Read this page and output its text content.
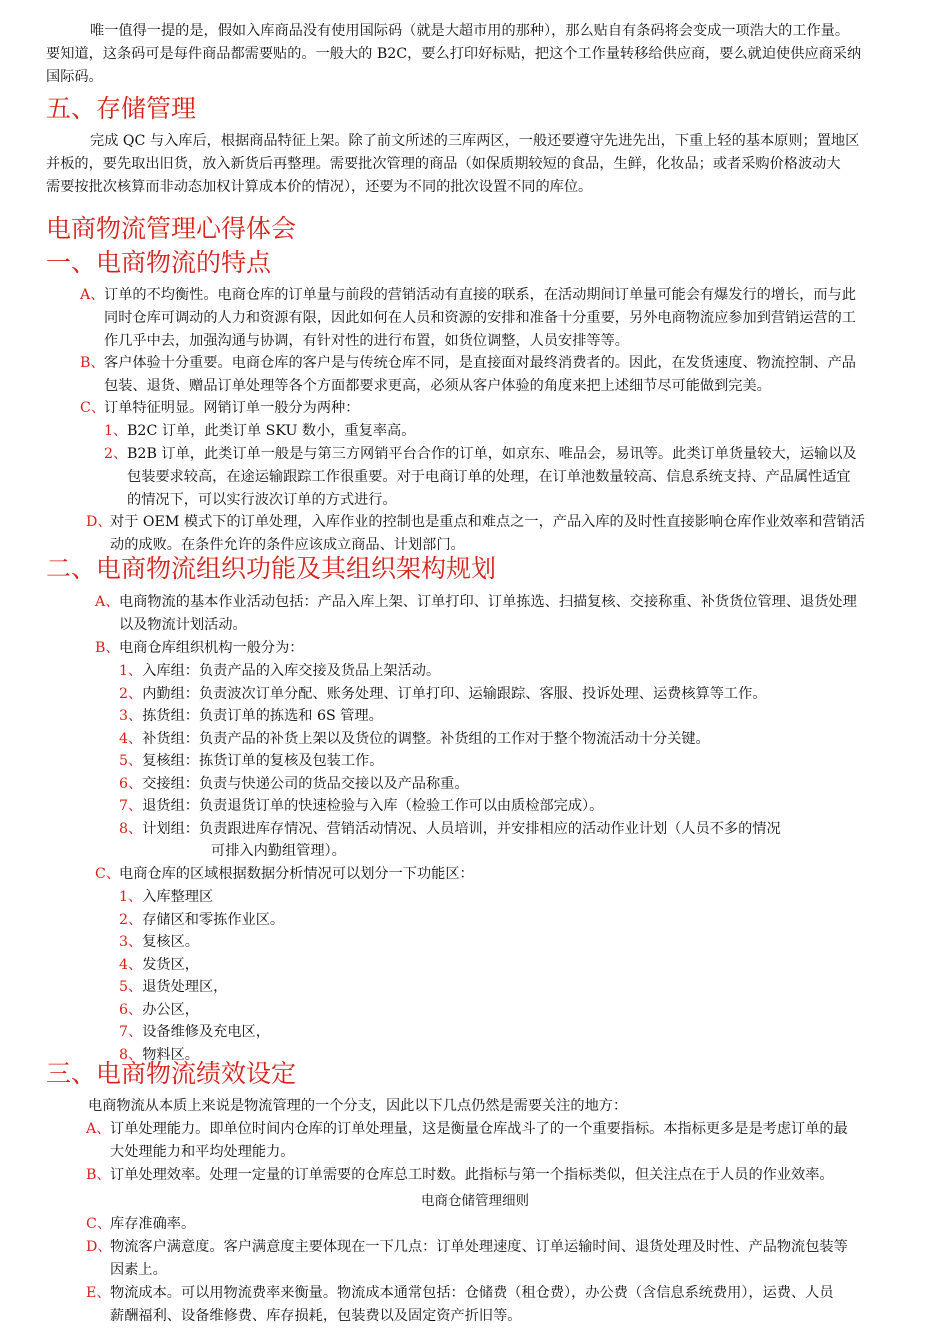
唯一值得一提的是，假如入库商品没有使用国际码（就是大超市用的那种），那么贴自有条码将会变成一项浩大的工作量。

要知道，这条码可是每件商品都需要贴的。一般大的 B2C，要么打印好标贴，把这个工作量转移给供应商，要么就迫使供应商采纳

国际码。

五、存储管理

完成 QC 与入库后，根据商品特征上架。除了前文所述的三库两区，一般还要遵守先进先出，下重上轻的基本原则；置地区

并板的，要先取出旧货，放入新货后再整理。需要批次管理的商品（如保质期较短的食品，生鲜，化妆品；或者采购价格波动大

需要按批次核算而非动态加权计算成本价的情况），还要为不同的批次设置不同的库位。

电商物流管理心得体会
一、电商物流的特点
A、 订单的不均衡性。电商仓库的订单量与前段的营销活动有直接的联系，在活动期间订单量可能会有爆发行的增长，而与此

同时仓库可调动的人力和资源有限，因此如何在人员和资源的安排和准备十分重要，另外电商物流应参加到营销运营的工

作几乎中去，加强沟通与协调，有针对性的进行布置，如货位调整，人员安排等等。

B、 客户体验十分重要。电商仓库的客户是与传统仓库不同，是直接面对最终消费者的。因此，在发货速度、物流控制、产品

包装、退货、赠品订单处理等各个方面都要求更高，必须从客户体验的角度来把上述细节尽可能做到完美。

C、

订单特征明显。网销订单一般分为两种：

1、 B2C 订单，此类订单 SKU 数小，重复率高。

2、 B2B 订单，此类订单一般是与第三方网销平台合作的订单，如京东、唯品会，易讯等。此类订单货量较大，运输以及

包装要求较高，在途运输跟踪工作很重要。对于电商订单的处理，在订单池数量较高、信息系统支持、产品属性适宜

的情况下，可以实行波次订单的方式进行。

D、

对于 OEM 模式下的订单处理，入库作业的控制也是重点和难点之一，产品入库的及时性直接影响仓库作业效率和营销活

动的成败。在条件允许的条件应该成立商品、计划部门。

二、电商物流组织功能及其组织架构规划
A、 电商物流的基本作业活动包括：产品入库上架、订单打印、订单拣选、扫描复核、交接称重、补货货位管理、退货处理

以及物流计划活动。

B、 电商仓库组织机构一般分为：

1、入库组：负责产品的入库交接及货品上架活动。
2、内勤组：负责波次订单分配、账务处理、订单打印、运输跟踪、客服、投诉处理、运费核算等工作。
3、拣货组：负责订单的拣选和 6S 管理。
4、补货组：负责产品的补货上架以及货位的调整。补货组的工作对于整个物流活动十分关键。
5、复核组：拣货订单的复核及包装工作。
6、交接组：负责与快递公司的货品交接以及产品称重。
7、退货组：负责退货订单的快速检验与入库（检验工作可以由质检部完成）。
8、计划组：负责跟进库存情况、营销活动情况、人员培训，并安排相应的活动作业计划（人员不多的情况
可排入内勤组管理）。
C、

电商仓库的区域根据数据分析情况可以划分一下功能区：

1、入库整理区
2、存储区和零拣作业区。
3、复核区。
4、发货区，
5、退货处理区，
6、办公区，
7、设备维修及充电区，
8、物料区。
三、电商物流绩效设定

电商物流从本质上来说是物流管理的一个分支，因此以下几点仍然是需要关注的地方：

A、 订单处理能力。即单位时间内仓库的订单处理量，这是衡量仓库战斗了的一个重要指标。本指标更多是是考虑订单的最

大处理能力和平均处理能力。

B、 订单处理效率。处理一定量的订单需要的仓库总工时数。此指标与第一个指标类似，但关注点在于人员的作业效率。

电商仓储管理细则
C、

库存准确率。

D、

物流客户满意度。客户满意度主要体现在一下几点：订单处理速度、订单运输时间、退货处理及时性、产品物流包装等

因素上。

E、 物流成本。可以用物流费率来衡量。物流成本通常包括：仓储费（租仓费），办公费（含信息系统费用），运费、人员

薪酬福利、设备维修费、库存损耗，包装费以及固定资产折旧等。
